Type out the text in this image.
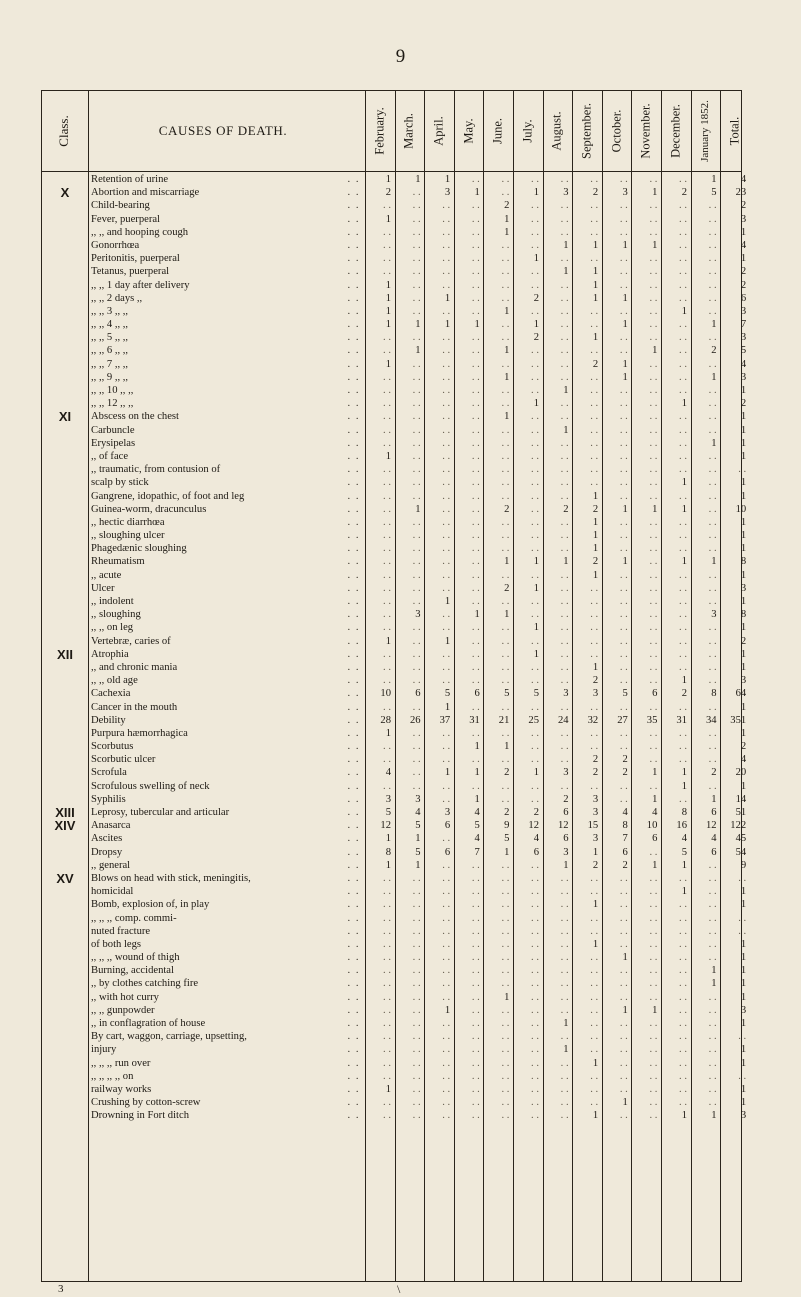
9
Class.	CAUSES OF DEATH.	February. March. April. May. June. July. August. September. October. November. December. January 1852. Total.
Retention of urine	. .	1	1	1	. .	. .	. .	. .	. .	. .	. .	. .	1	4
X	Abortion and miscarriage	. .	2	. .	3	1	. .	1	3	2	3	1	2	5	23
Child-bearing	. .	. .	. .	. .	. .	2	. .	. .	. .	. .	. .	. .	. .	2
Fever, puerperal	. .	1	. .	. .	. .	1	. .	. .	. .	. .	. .	. .	. .	3
,, ,, and hooping cough	. .	. .	. .	. .	. .	1	. .	. .	. .	. .	. .	. .	. .	1
Gonorrhœa	. .	. .	. .	. .	. .	. .	. .	1	1	1	1	. .	. .	4
Peritonitis, puerperal	. .	. .	. .	. .	. .	. .	1	. .	. .	. .	. .	. .	. .	1
Tetanus, puerperal	. .	. .	. .	. .	. .	. .	. .	1	1	. .	. .	. .	. .	2
,, ,, 1 day after delivery	. .	1	. .	. .	. .	. .	. .	. .	1	. .	. .	. .	. .	2
,, ,, 2 days ,,	. .	1	. .	1	. .	. .	2	. .	1	1	. .	. .	. .	6
,, ,, 3 ,, ,,	. .	1	. .	. .	. .	1	. .	. .	. .	. .	. .	1	. .	3
,, ,, 4 ,, ,,	. .	1	1	1	1	. .	1	. .	. .	1	. .	. .	1	7
,, ,, 5 ,, ,,	. .	. .	. .	. .	. .	. .	2	. .	1	. .	. .	. .	. .	3
,, ,, 6 ,, ,,	. .	. .	1	. .	. .	1	. .	. .	. .	. .	1	. .	2	5
,, ,, 7 ,, ,,	. .	1	. .	. .	. .	. .	. .	. .	2	1	. .	. .	. .	4
,, ,, 9 ,, ,,	. .	. .	. .	. .	. .	1	. .	. .	. .	1	. .	. .	1	3
,, ,, 10 ,, ,,	. .	. .	. .	. .	. .	. .	. .	1	. .	. .	. .	. .	. .	1
,, ,, 12 ,, ,,	. .	. .	. .	. .	. .	. .	1	. .	. .	. .	. .	1	. .	2
XI	Abscess on the chest	. .	. .	. .	. .	. .	1	. .	. .	. .	. .	. .	. .	. .	1
Carbuncle	. .	. .	. .	. .	. .	. .	. .	1	. .	. .	. .	. .	. .	1
Erysipelas	. .	. .	. .	. .	. .	. .	. .	. .	. .	. .	. .	. .	1	1
,, of face	. .	1	. .	. .	. .	. .	. .	. .	. .	. .	. .	. .	. .	1
,, traumatic, from contusion of	. .	. .	. .	. .	. .	. .	. .	. .	. .	. .	. .	. .	. .	. .
scalp by stick	. .	. .	. .	. .	. .	. .	. .	. .	. .	. .	. .	1	. .	1
Gangrene, idopathic, of foot and leg	. .	. .	. .	. .	. .	. .	. .	. .	1	. .	. .	. .	. .	1
Guinea-worm, dracunculus	. .	. .	1	. .	. .	2	. .	2	2	1	1	1	. .	10
,, hectic diarrhœa	. .	. .	. .	. .	. .	. .	. .	. .	1	. .	. .	. .	. .	1
,, sloughing ulcer	. .	. .	. .	. .	. .	. .	. .	. .	1	. .	. .	. .	. .	1
Phagedænic sloughing	. .	. .	. .	. .	. .	. .	. .	. .	1	. .	. .	. .	. .	1
Rheumatism	. .	. .	. .	. .	. .	1	1	1	2	1	. .	1	1	8
,, acute	. .	. .	. .	. .	. .	. .	. .	. .	1	. .	. .	. .	. .	1
Ulcer	. .	. .	. .	. .	. .	2	1	. .	. .	. .	. .	. .	. .	3
,, indolent	. .	. .	. .	1	. .	. .	. .	. .	. .	. .	. .	. .	. .	1
,, sloughing	. .	. .	3	. .	1	1	. .	. .	. .	. .	. .	. .	3	8
,, ,, on leg	. .	. .	. .	. .	. .	. .	1	. .	. .	. .	. .	. .	. .	1
Vertebræ, caries of	. .	1	. .	1	. .	. .	. .	. .	. .	. .	. .	. .	. .	2
XII	Atrophia	. .	. .	. .	. .	. .	. .	1	. .	. .	. .	. .	. .	. .	1
,, and chronic mania	. .	. .	. .	. .	. .	. .	. .	. .	1	. .	. .	. .	. .	1
,, ,, old age	. .	. .	. .	. .	. .	. .	. .	. .	2	. .	. .	1	. .	3
Cachexia	. .	10	6	5	6	5	5	3	3	5	6	2	8	64
Cancer in the mouth	. .	. .	. .	1	. .	. .	. .	. .	. .	. .	. .	. .	. .	1
Debility	. .	28	26	37	31	21	25	24	32	27	35	31	34	351
Purpura hæmorrhagica	. .	1	. .	. .	. .	. .	. .	. .	. .	. .	. .	. .	. .	1
Scorbutus	. .	. .	. .	. .	1	1	. .	. .	. .	. .	. .	. .	. .	2
Scorbutic ulcer	. .	. .	. .	. .	. .	. .	. .	. .	2	2	. .	. .	. .	4
Scrofula	. .	4	. .	1	1	2	1	3	2	2	1	1	2	20
Scrofulous swelling of neck	. .	. .	. .	. .	. .	. .	. .	. .	. .	. .	. .	1	. .	1
Syphilis	. .	3	3	. .	1	. .	. .	2	3	. .	1	. .	1	14
XIII	Leprosy, tubercular and articular	. .	5	4	3	4	2	2	6	3	4	4	8	6	51
XIV	Anasarca	. .	12	5	6	5	9	12	12	15	8	10	16	12	122
Ascites	. .	1	1	. .	4	5	4	6	3	7	6	4	4	45
Dropsy	. .	8	5	6	7	1	6	3	1	6	. .	5	6	54
,, general	. .	1	1	. .	. .	. .	. .	1	2	2	1	1	. .	9
XV	Blows on head with stick, meningitis,	. .	. .	. .	. .	. .	. .	. .	. .	. .	. .	. .	. .	. .	. .
homicidal	. .	. .	. .	. .	. .	. .	. .	. .	. .	. .	. .	1	. .	1
Bomb, explosion of, in play	. .	. .	. .	. .	. .	. .	. .	. .	1	. .	. .	. .	. .	1
,, ,, ,, comp. commi-	. .	. .	. .	. .	. .	. .	. .	. .	. .	. .	. .	. .	. .	. .
nuted fracture	. .	. .	. .	. .	. .	. .	. .	. .	. .	. .	. .	. .	. .	. .
of both legs	. .	. .	. .	. .	. .	. .	. .	. .	1	. .	. .	. .	. .	1
,, ,, ,, wound of thigh	. .	. .	. .	. .	. .	. .	. .	. .	. .	1	. .	. .	. .	1
Burning, accidental	. .	. .	. .	. .	. .	. .	. .	. .	. .	. .	. .	. .	1	1
,, by clothes catching fire	. .	. .	. .	. .	. .	. .	. .	. .	. .	. .	. .	. .	1	1
,, with hot curry	. .	. .	. .	. .	. .	1	. .	. .	. .	. .	. .	. .	. .	1
,, ,, gunpowder	. .	. .	. .	1	. .	. .	. .	. .	. .	1	1	. .	. .	3
,, in conflagration of house	. .	. .	. .	. .	. .	. .	. .	1	. .	. .	. .	. .	. .	1
By cart, waggon, carriage, upsetting,	. .	. .	. .	. .	. .	. .	. .	. .	. .	. .	. .	. .	. .	. .
injury	. .	. .	. .	. .	. .	. .	. .	1	. .	. .	. .	. .	. .	1
,, ,, ,, run over	. .	. .	. .	. .	. .	. .	. .	. .	1	. .	. .	. .	. .	1
,, ,, ,, ,, on	. .	. .	. .	. .	. .	. .	. .	. .	. .	. .	. .	. .	. .	. .
railway works	. .	1	. .	. .	. .	. .	. .	. .	. .	. .	. .	. .	. .	1
Crushing by cotton-screw	. .	. .	. .	. .	. .	. .	. .	. .	. .	1	. .	. .	. .	1
Drowning in Fort ditch	. .	. .	. .	. .	. .	. .	. .	. .	1	. .	. .	1	1	3
3	\
